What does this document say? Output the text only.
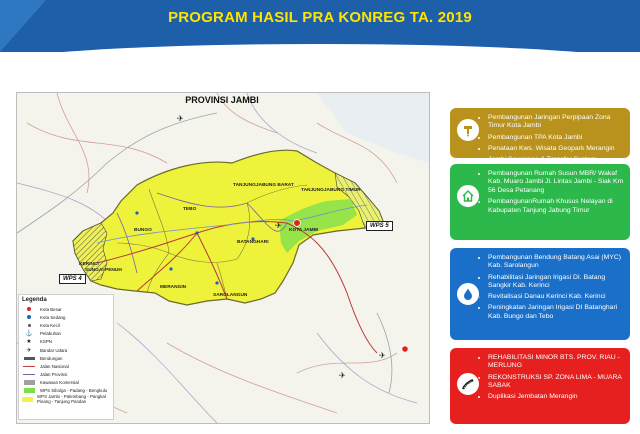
PROGRAM HASIL PRA KONREG TA. 2019
✈
✈
✈
✈
TEBO
BUNGO
BATANGHARI
MERANGIN
SAROLANGUN
KERINCI
SUNGAI PENUH
TANJUNGJABUNG BARAT
TANJUNGJABUNG TIMUR
KOTA JAMBI
PROVINSI JAMBI
WPS 5
WPS 4
Legenda
Kota Besar
Kota Sedang
Kota Kecil
⚓	Pelabuhan
★	KSPN
✈	Bandar Udara
Bendungan
Jalan Nasional
Jalan Provinsi
Kawasan Komersial
WPS Sibolga - Padang - Bengkulu
WPS Jambi - Palembang - Pangkal Pinang - Tanjung Pandan
• Pembangunan Jaringan Perpipaan Zona Timur Kota Jambi
• Pembangunan TPA Kota Jambi
• Penataan Kws. Wisata Geopark Merangin
• Jambi Sewerage & Transfer System
• Pembangunan Rumah Susun MBR/ Wakaf Kab. Muaro Jambi Jl. Lintas Jambi - Siak Km 56 Desa Petanang
• PembangunanRumah Khusus Nelayan di Kabupaten Tanjung Jabung Timur
• Pembangunan Bendung Batang Asai (MYC) Kab. Sarolangun
• Rehabilitasi Jaringan Irigasi DI. Batang Sangkir Kab. Kerinci
• Revitalisasi Danau Kerinci Kab. Kerinci
• Peningkatan Jaringan Irigasi DI Batanghari Kab. Bungo dan Tebo
• REHABILITASI MINOR BTS. PROV. RIAU - MERLUNG
• REKONSTRUKSI SP. ZONA LIMA - MUARA SABAK
• Duplikasi Jembatan Merangin
